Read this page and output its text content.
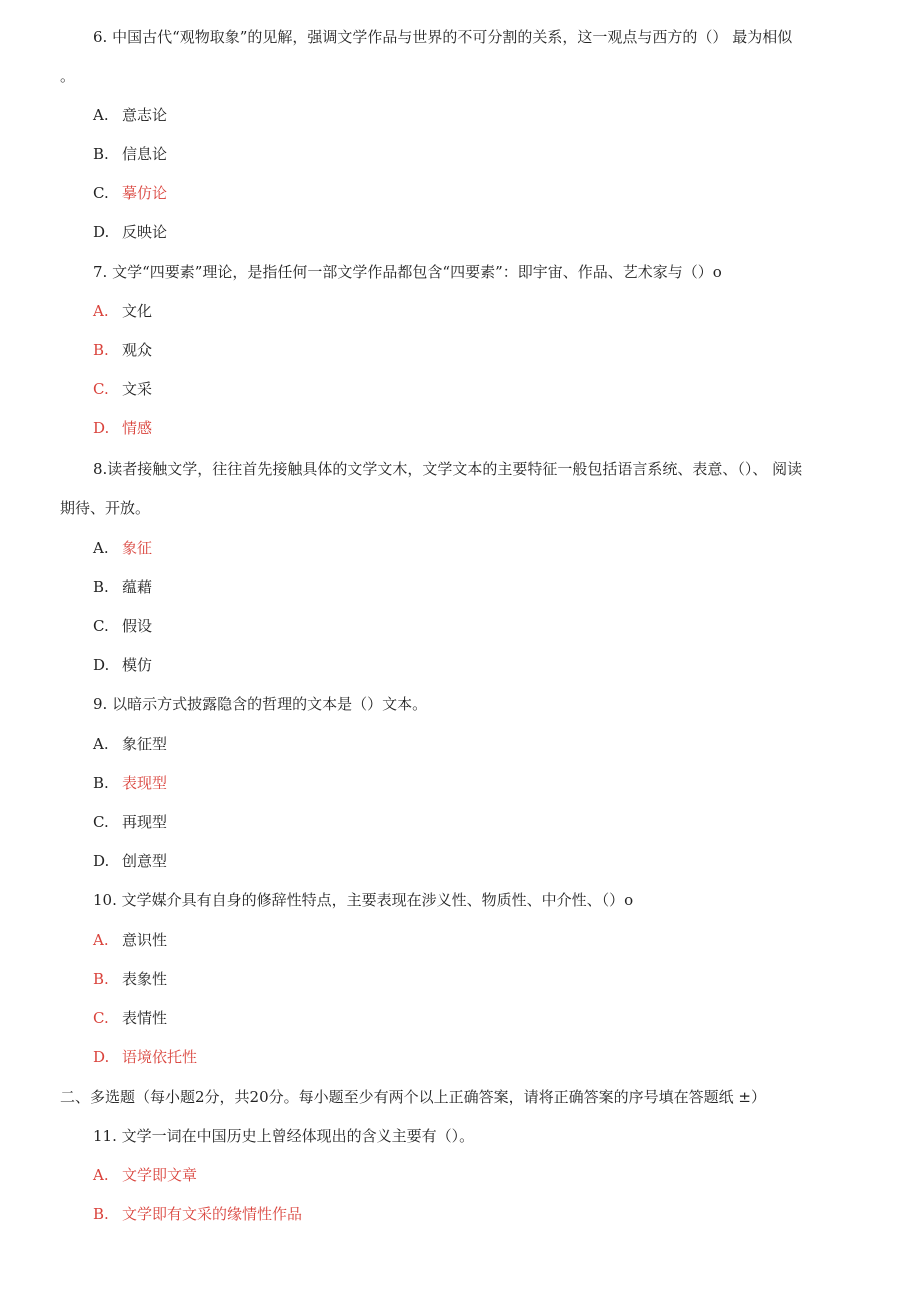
6. 中国古代“观物取象”的见解，强调文学作品与世界的不可分割的关系，这一观点与西方的（） 最为相似
。
A. 意志论
B. 信息论
C. 摹仿论
D. 反映论
7. 文学“四要素”理论，是指任何一部文学作品都包含“四要素”：即宇宙、作品、艺术家与（）o
A. 文化
B. 观众
C. 文采
D. 情感
8.读者接触文学，往往首先接触具体的文学文木，文学文本的主要特征一般包括语言系统、表意、（）、 阅读
期待、开放。
A. 象征
B. 蕴藉
C. 假设
D. 模仿
9. 以暗示方式披露隐含的哲理的文本是（）文本。
A. 象征型
B. 表现型
C. 再现型
D. 创意型
10. 文学媒介具有自身的修辞性特点，主要表现在涉义性、物质性、中介性、（）o
A. 意识性
B. 表象性
C. 表情性
D. 语境依托性
二、多选题（每小题2分，共20分。每小题至少有两个以上正确答案，请将正确答案的序号填在答题纸 ±）
11. 文学一词在中国历史上曾经体现出的含义主要有（）。
A. 文学即文章
B. 文学即有文采的缘情性作品
